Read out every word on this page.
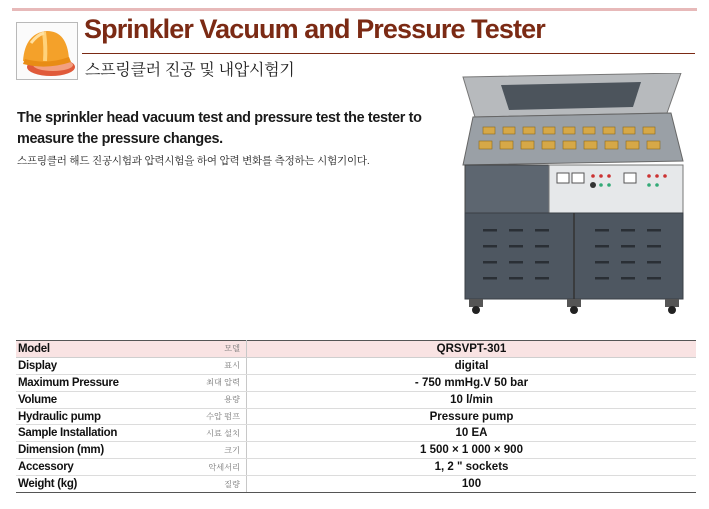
Sprinkler Vacuum and Pressure Tester
스프링클러 진공 및 내압시험기
The sprinkler head vacuum test and pressure test the tester to measure the pressure changes.
스프링클러 해드 진공시험과 압력시험을 하여 압력 변화를 측정하는 시험기이다.
Model	모델	QRSVPT-301
Display	표시	digital
Maximum Pressure	최대 압력	- 750 mmHg.V 50 bar
Volume	용량	10 l/min
Hydraulic pump	수압 펌프	Pressure pump
Sample Installation	시료 설치	10 EA
Dimension (mm)	크기	1 500 × 1 000 × 900
Accessory	악세서리	1, 2 " sockets
Weight (kg)	질량	100
